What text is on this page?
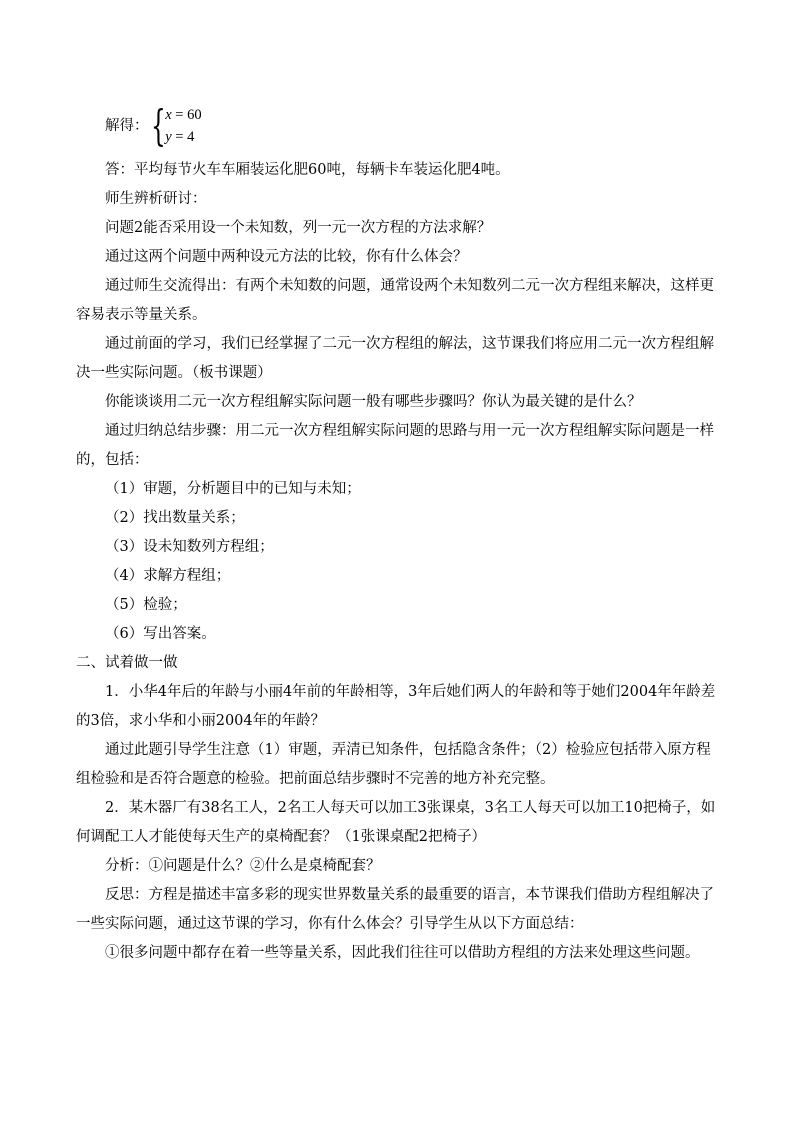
解得： { x = 60
y = 4

答：平均每节火车车厢装运化肥60吨，每辆卡车装运化肥4吨。

师生辨析研讨：

问题2能否采用设一个未知数，列一元一次方程的方法求解？

通过这两个问题中两种设元方法的比较，你有什么体会？

通过师生交流得出：有两个未知数的问题，通常设两个未知数列二元一次方程组来解决，这样更容易表示等量关系。

通过前面的学习，我们已经掌握了二元一次方程组的解法，这节课我们将应用二元一次方程组解决一些实际问题。（板书课题）

你能谈谈用二元一次方程组解实际问题一般有哪些步骤吗？你认为最关键的是什么？

通过归纳总结步骤：用二元一次方程组解实际问题的思路与用一元一次方程组解实际问题是一样的，包括：

（1）审题，分析题目中的已知与未知；

（2）找出数量关系；

（3）设未知数列方程组；

（4）求解方程组；

（5）检验；

（6）写出答案。

二、试着做一做

1．小华4年后的年龄与小丽4年前的年龄相等，3年后她们两人的年龄和等于她们2004年年龄差的3倍，求小华和小丽2004年的年龄？

通过此题引导学生注意（1）审题，弄清已知条件，包括隐含条件；（2）检验应包括带入原方程组检验和是否符合题意的检验。把前面总结步骤时不完善的地方补充完整。

2．某木器厂有38名工人，2名工人每天可以加工3张课桌，3名工人每天可以加工10把椅子，如何调配工人才能使每天生产的桌椅配套？（1张课桌配2把椅子）

分析：①问题是什么？②什么是桌椅配套？

反思：方程是描述丰富多彩的现实世界数量关系的最重要的语言，本节课我们借助方程组解决了一些实际问题，通过这节课的学习，你有什么体会？引导学生从以下方面总结：

①很多问题中都存在着一些等量关系，因此我们往往可以借助方程组的方法来处理这些问题。
